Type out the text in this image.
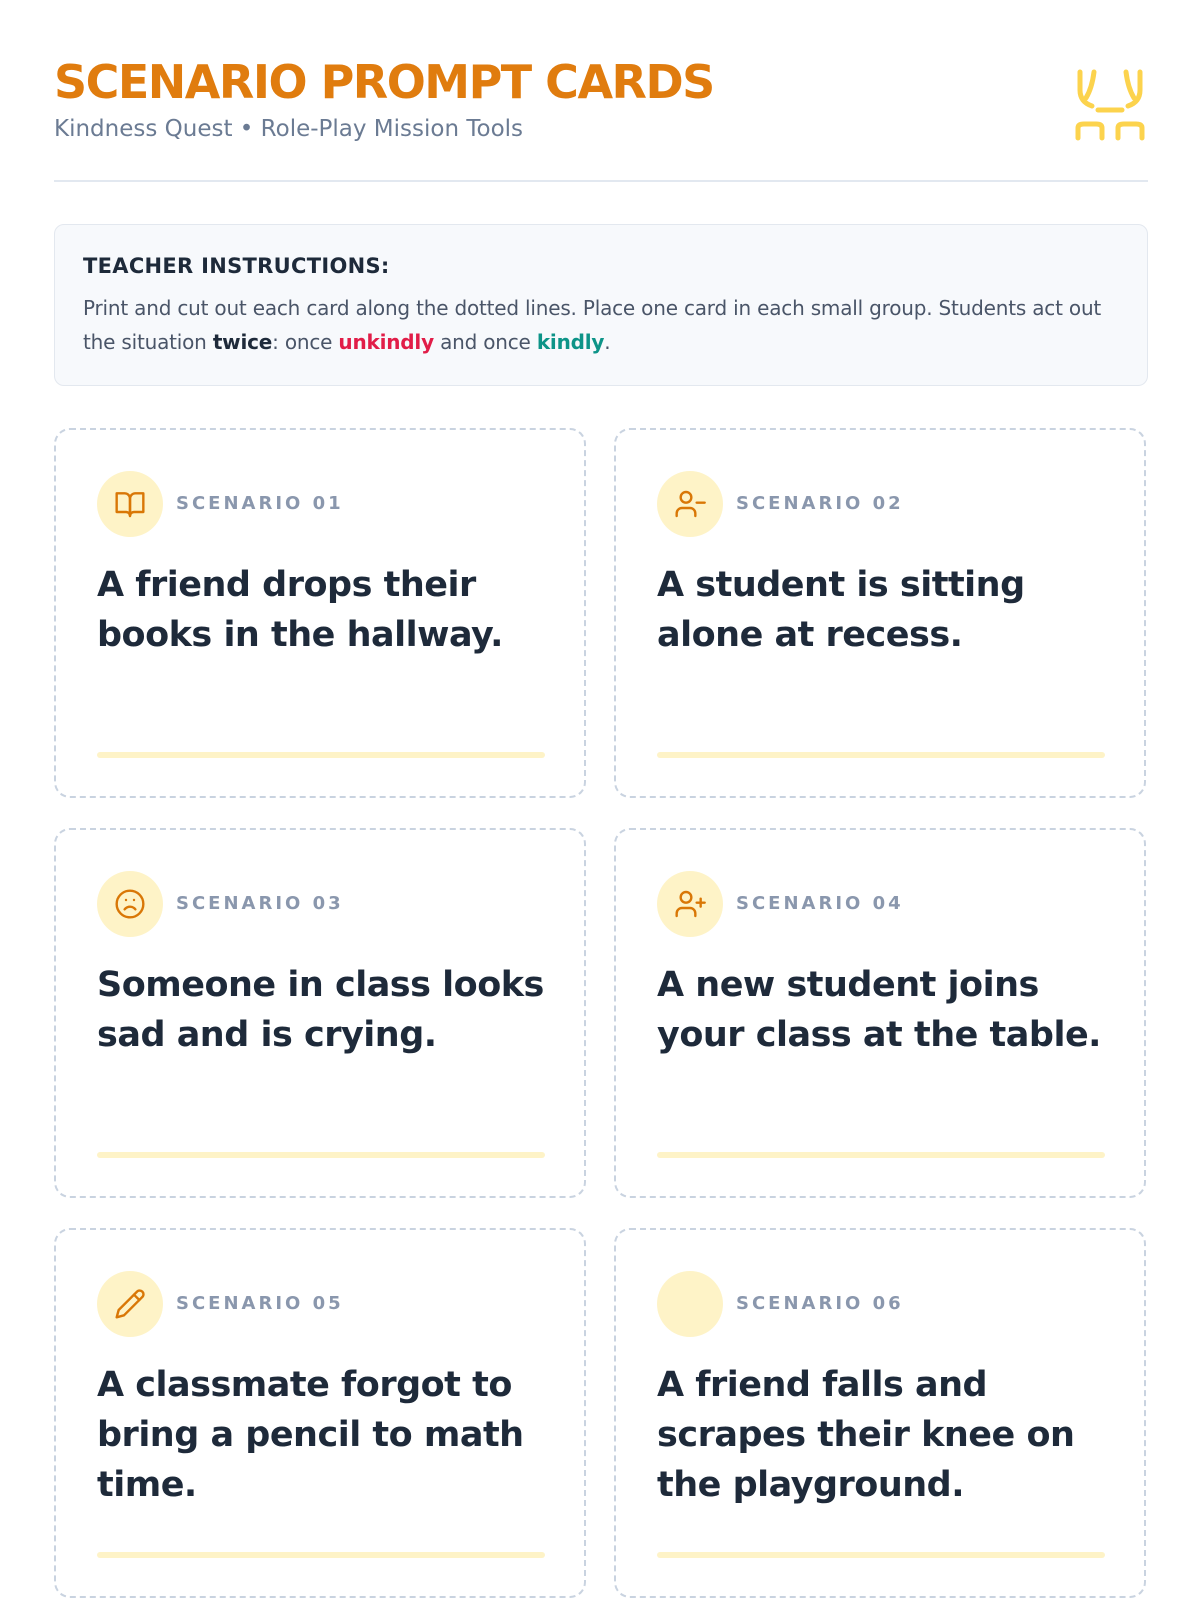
SCENARIO PROMPT CARDS
Kindness Quest • Role-Play Mission Tools
TEACHER INSTRUCTIONS:
Print and cut out each card along the dotted lines. Place one card in each small group. Students act out the situation twice: once unkindly and once kindly.
SCENARIO 01
A friend drops their books in the hallway.
SCENARIO 02
A student is sitting alone at recess.
SCENARIO 03
Someone in class looks sad and is crying.
SCENARIO 04
A new student joins your class at the table.
SCENARIO 05
A classmate forgot to bring a pencil to math time.
SCENARIO 06
A friend falls and scrapes their knee on the playground.
